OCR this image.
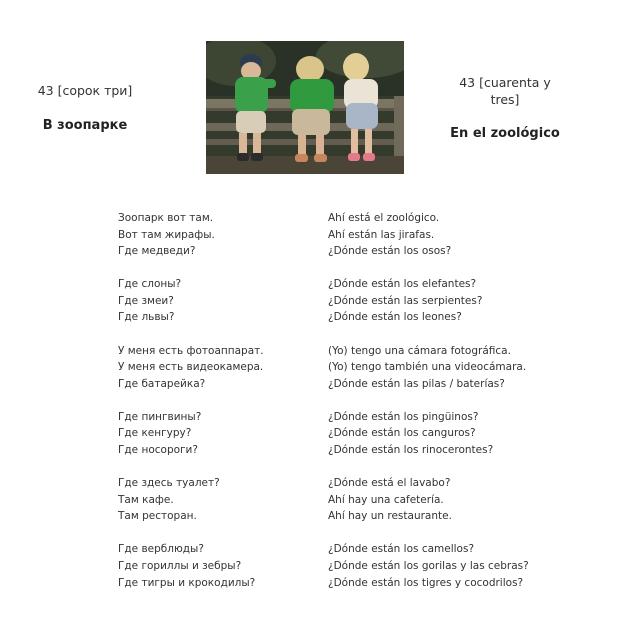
43 [сорок три]
В зоопарке
43 [cuarenta y
tres]
En el zoológico
Зоопарк вот там.	Ahí está el zoológico.
Вот там жирафы.	Ahí están las jirafas.
Где медведи?	¿Dónde están los osos?
Где слоны?	¿Dónde están los elefantes?
Где змеи?	¿Dónde están las serpientes?
Где львы?	¿Dónde están los leones?
У меня есть фотоаппарат.	(Yo) tengo una cámara fotográfica.
У меня есть видеокамера.	(Yo) tengo también una videocámara.
Где батарейка?	¿Dónde están las pilas / baterías?
Где пингвины?	¿Dónde están los pingüinos?
Где кенгуру?	¿Dónde están los canguros?
Где носороги?	¿Dónde están los rinocerontes?
Где здесь туалет?	¿Dónde está el lavabo?
Там кафе.	Ahí hay una cafetería.
Там ресторан.	Ahí hay un restaurante.
Где верблюды?	¿Dónde están los camellos?
Где гориллы и зебры?	¿Dónde están los gorilas y las cebras?
Где тигры и крокодилы?	¿Dónde están los tigres y cocodrilos?
